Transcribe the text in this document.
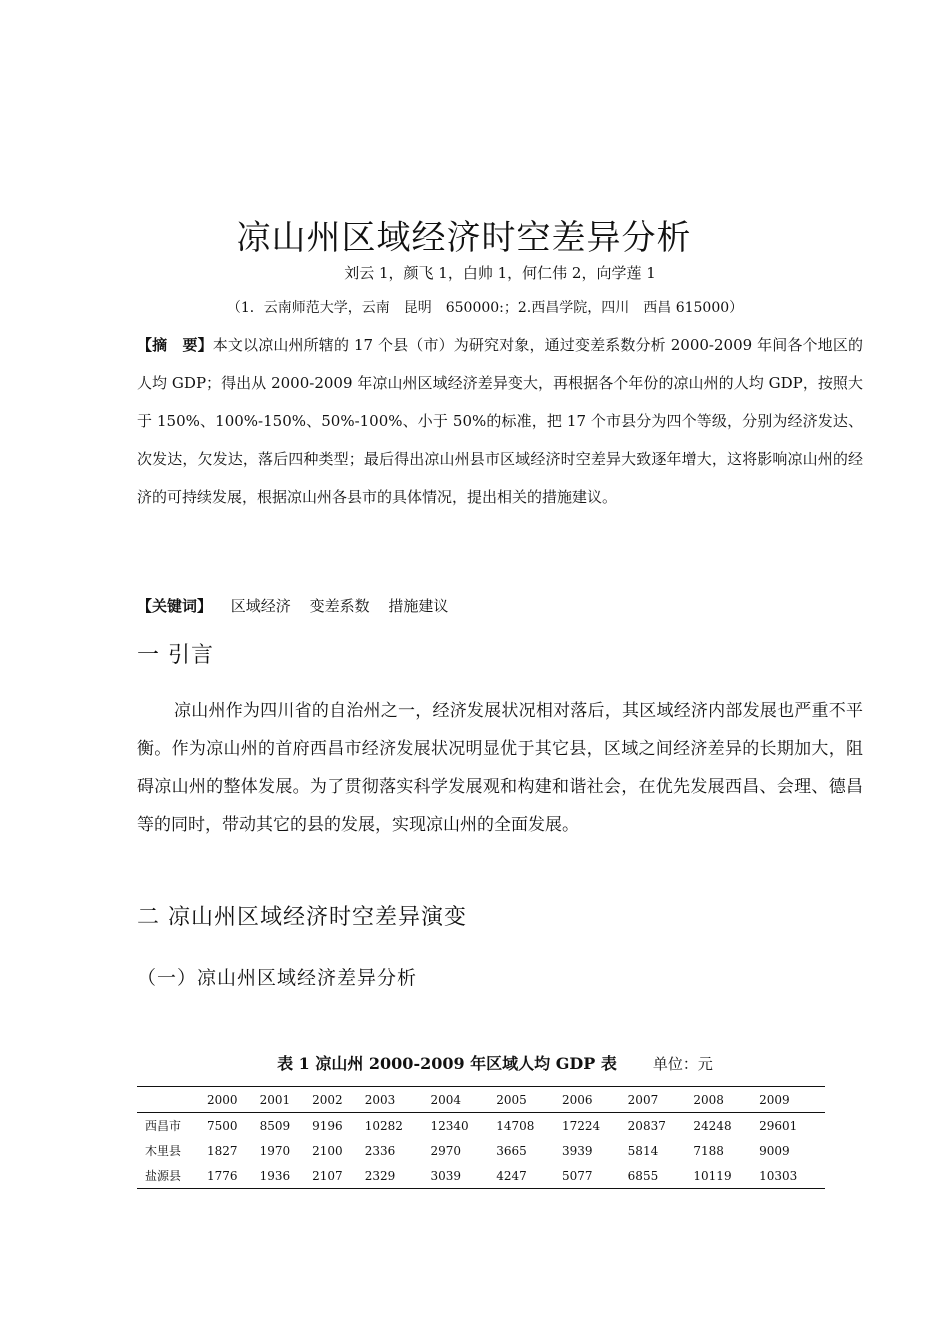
凉山州区域经济时空差异分析
刘云 1，颜飞 1，白帅 1，何仁伟 2，向学莲 1
（1．云南师范大学，云南　昆明　650000:；2.西昌学院，四川　西昌 615000）

【摘　要】本文以凉山州所辖的 17 个县（市）为研究对象，通过变差系数分析 2000-2009 年间各个地区的人均 GDP；得出从 2000-2009 年凉山州区域经济差异变大，再根据各个年份的凉山州的人均 GDP，按照大于 150%、100%-150%、50%-100%、小于 50%的标准，把 17 个市县分为四个等级，分别为经济发达、次发达，欠发达，落后四种类型；最后得出凉山州县市区域经济时空差异大致逐年增大，这将影响凉山州的经济的可持续发展，根据凉山州各县市的具体情况，提出相关的措施建议。

【关键词】 区域经济 变差系数 措施建议

一 引言

凉山州作为四川省的自治州之一，经济发展状况相对落后，其区域经济内部发展也严重不平衡。作为凉山州的首府西昌市经济发展状况明显优于其它县，区域之间经济差异的长期加大，阻碍凉山州的整体发展。为了贯彻落实科学发展观和构建和谐社会，在优先发展西昌、会理、德昌等的同时，带动其它的县的发展，实现凉山州的全面发展。

二 凉山州区域经济时空差异演变
（一）凉山州区域经济差异分析
表 1 凉山州 2000-2009 年区域人均 GDP 表 单位：元
	2000	2001	2002	2003	2004	2005	2006	2007	2008	2009
西昌市	7500	8509	9196	10282	12340	14708	17224	20837	24248	29601
木里县	1827	1970	2100	2336	2970	3665	3939	5814	7188	9009
盐源县	1776	1936	2107	2329	3039	4247	5077	6855	10119	10303
